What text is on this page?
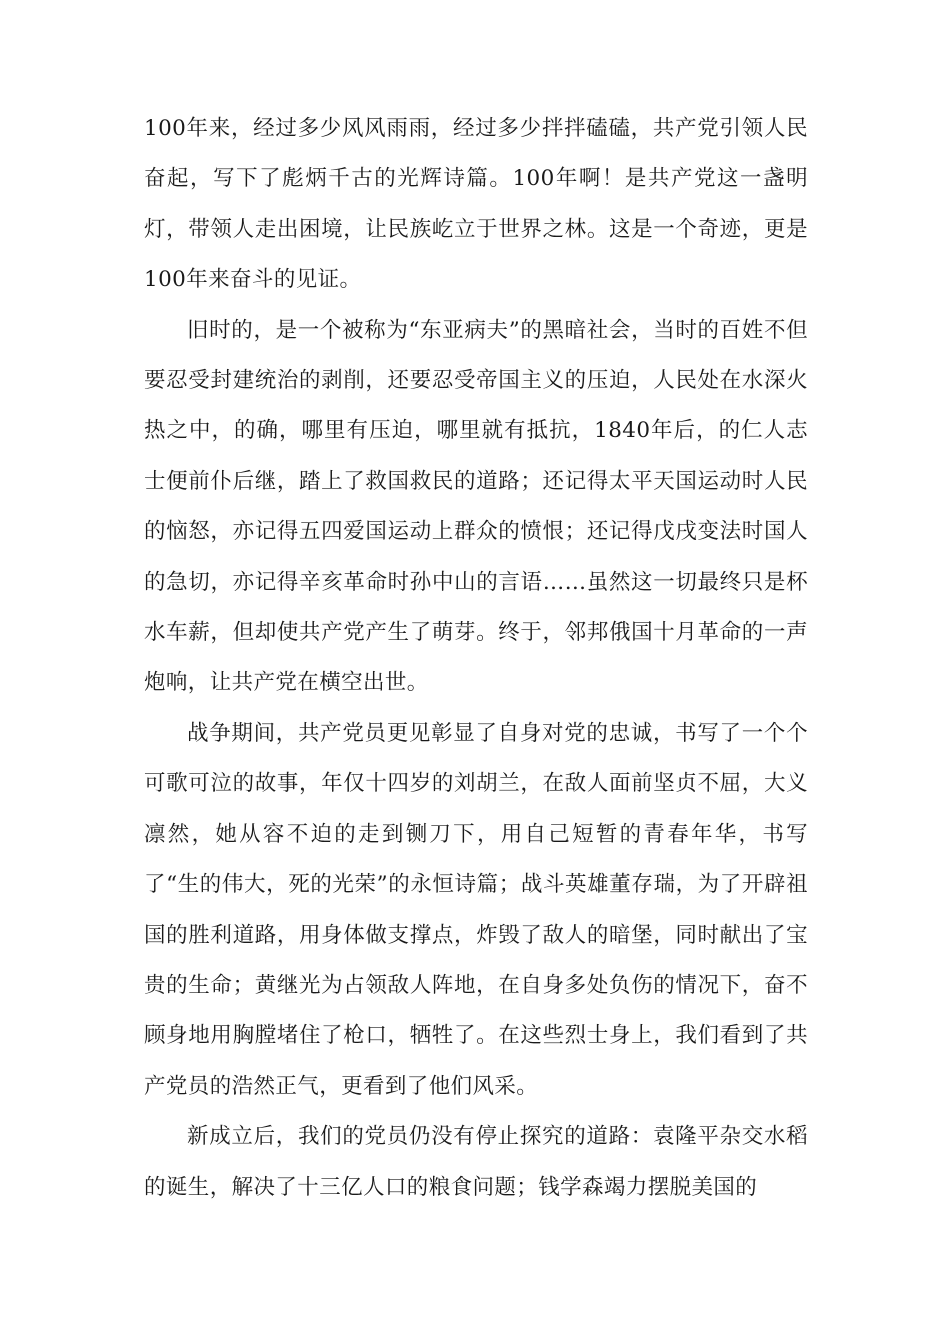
100年来，经过多少风风雨雨，经过多少拌拌磕磕，共产党引领人民奋起，写下了彪炳千古的光辉诗篇。100年啊！是共产党这一盏明灯，带领人走出困境，让民族屹立于世界之林。这是一个奇迹，更是100年来奋斗的见证。

旧时的，是一个被称为“东亚病夫”的黑暗社会，当时的百姓不但要忍受封建统治的剥削，还要忍受帝国主义的压迫，人民处在水深火热之中，的确，哪里有压迫，哪里就有抵抗，1840年后，的仁人志士便前仆后继，踏上了救国救民的道路；还记得太平天国运动时人民的恼怒，亦记得五四爱国运动上群众的愤恨；还记得戊戌变法时国人的急切，亦记得辛亥革命时孙中山的言语……虽然这一切最终只是杯水车薪，但却使共产党产生了萌芽。终于，邻邦俄国十月革命的一声炮响，让共产党在横空出世。

战争期间，共产党员更见彰显了自身对党的忠诚，书写了一个个可歌可泣的故事，年仅十四岁的刘胡兰，在敌人面前坚贞不屈，大义凛然，她从容不迫的走到铡刀下，用自己短暂的青春年华，书写了“生的伟大，死的光荣”的永恒诗篇；战斗英雄董存瑞，为了开辟祖国的胜利道路，用身体做支撑点，炸毁了敌人的暗堡，同时献出了宝贵的生命；黄继光为占领敌人阵地，在自身多处负伤的情况下，奋不顾身地用胸膛堵住了枪口，牺牲了。在这些烈士身上，我们看到了共产党员的浩然正气，更看到了他们风采。

新成立后，我们的党员仍没有停止探究的道路：袁隆平杂交水稻的诞生，解决了十三亿人口的粮食问题；钱学森竭力摆脱美国的
